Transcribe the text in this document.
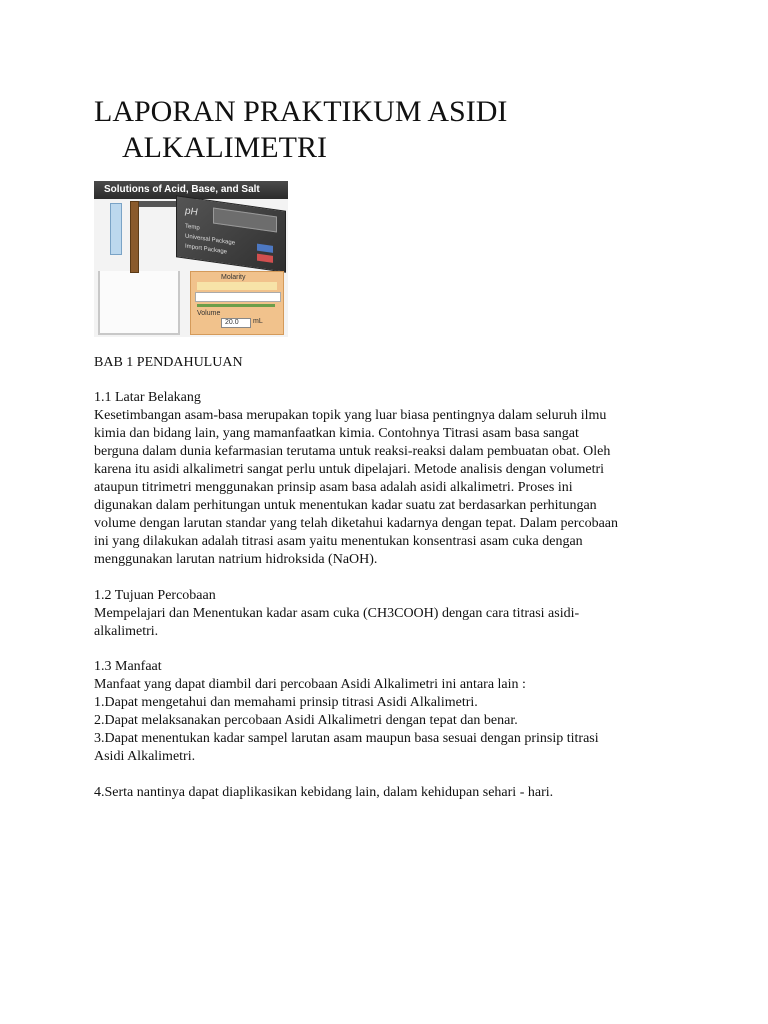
LAPORAN PRAKTIKUM ASIDI
ALKALIMETRI
Solutions of Acid, Base, and Salt
pH
Temp
Universal Package
Import Package
Molarity
Volume
20.0	mL

BAB 1 PENDAHULUAN

1.1 Latar Belakang
Kesetimbangan asam-basa merupakan topik yang luar biasa pentingnya dalam seluruh ilmu
kimia dan bidang lain, yang mamanfaatkan kimia. Contohnya Titrasi asam basa sangat
berguna dalam dunia kefarmasian terutama untuk reaksi-reaksi dalam pembuatan obat. Oleh
karena itu asidi alkalimetri sangat perlu untuk dipelajari. Metode analisis dengan volumetri
ataupun titrimetri menggunakan prinsip asam basa adalah asidi alkalimetri. Proses ini
digunakan dalam perhitungan untuk menentukan kadar suatu zat berdasarkan perhitungan
volume dengan larutan standar yang telah diketahui kadarnya dengan tepat. Dalam percobaan
ini yang dilakukan adalah titrasi asam yaitu menentukan konsentrasi asam cuka dengan
menggunakan larutan natrium hidroksida (NaOH).
1.2 Tujuan Percobaan
Mempelajari dan Menentukan kadar asam cuka (CH3COOH) dengan cara titrasi asidi-
alkalimetri.
1.3 Manfaat
Manfaat yang dapat diambil dari percobaan Asidi Alkalimetri ini antara lain :
1.Dapat mengetahui dan memahami prinsip titrasi Asidi Alkalimetri.
2.Dapat melaksanakan percobaan Asidi Alkalimetri dengan tepat dan benar.
3.Dapat menentukan kadar sampel larutan asam maupun basa sesuai dengan prinsip titrasi
Asidi Alkalimetri.

4.Serta nantinya dapat diaplikasikan kebidang lain, dalam kehidupan sehari - hari.
